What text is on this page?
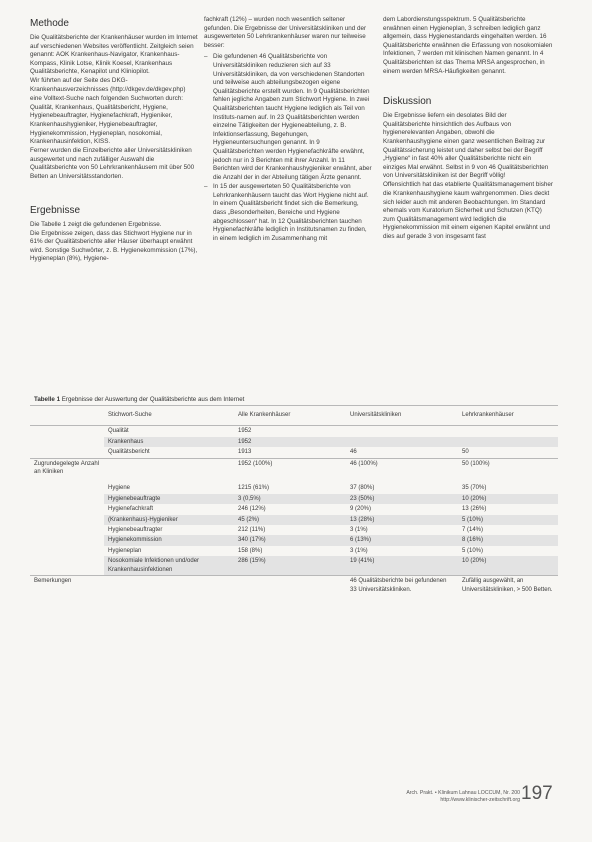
Methode

Die Qualitätsberichte der Krankenhäuser wurden im Internet auf verschiedenen Websites veröffentlicht. Zeitgleich seien genannt: AOK Krankenhaus-Navigator, Krankenhaus-Kompass, Klinik Lotse, Klinik Koesel, Krankenhaus Qualitätsberichte, Kenapilot und Kliniopilot.

Wir führten auf der Seite des DKG-Krankenhausverzeichnisses (http://dkgev.de/dkgev.php) eine Volltext-Suche nach folgenden Suchworten durch:

Qualität, Krankenhaus, Qualitätsbericht, Hygiene, Hygienebeauftragter, Hygienefachkraft, Hygieniker, Krankenhaushygieniker, Hygienebeauftragter, Hygienekommission, Hygieneplan, nosokomial, Krankenhausinfektion, KISS.

Ferner wurden die Einzelberichte aller Universitätskliniken ausgewertet und nach zufälliger Auswahl die Qualitätsberichte von 50 Lehrkrankenhäusern mit über 500 Betten an Universitätsstandorten.

Ergebnisse

Die Tabelle 1 zeigt die gefundenen Ergebnisse.

Die Ergebnisse zeigen, dass das Stichwort Hygiene nur in 61% der Qualitätsberichte aller Häuser überhaupt erwähnt wird. Sonstige Suchwörter, z. B. Hygienekommission (17%), Hygieneplan (8%), Hygiene-

fachkraft (12%) – wurden noch wesentlich seltener gefunden. Die Ergebnisse der Universitätskliniken und der ausgewerteten 50 Lehrkrankenhäuser waren nur teilweise besser:

– Die gefundenen 46 Qualitätsberichte von Universitätskliniken reduzieren sich auf 33 Universitätskliniken, da von verschiedenen Standorten und teilweise auch abteilungsbezogen eigene Qualitätsberichte erstellt wurden. In 9 Qualitätsberichten fehlen jegliche Angaben zum Stichwort Hygiene. In zwei Qualitätsberichten taucht Hygiene lediglich als Teil von Instituts-namen auf. In 23 Qualitätsberichten werden einzelne Tätigkeiten der Hygieneabteilung, z. B. Infektionserfassung, Begehungen, Hygieneuntersuchungen genannt. In 9 Qualitätsberichten werden Hygienefachkräfte erwähnt, jedoch nur in 3 Berichten mit ihrer Anzahl. In 11 Berichten wird der Krankenhaushygieniker erwähnt, aber die Anzahl der in der Abteilung tätigen Ärzte genannt.
– In 15 der ausgewerteten 50 Qualitätsberichte von Lehrkrankenhäusern taucht das Wort Hygiene nicht auf. In einem Qualitätsbericht findet sich die Bemerkung, dass „Besonderheiten, Bereiche und Hygiene abgeschlossen“ hat. In 12 Qualitätsberichten tauchen Hygienefachkräfte lediglich in Institutsnamen zu finden, in einem lediglich im Zusammenhang mit

dem Labordienstungsspektrum. 5 Qualitätsberichte erwähnen einen Hygieneplan, 3 schreiben lediglich ganz allgemein, dass Hygienestandards eingehalten werden. 16 Qualitätsberichte erwähnen die Erfassung von nosokomialen Infektionen, 7 werden mit klinischen Namen genannt. In 4 Qualitätsberichten ist das Thema MRSA angesprochen, in einem werden MRSA-Häufigkeiten genannt.

Diskussion

Die Ergebnisse liefern ein desolates Bild der Qualitätsberichte hinsichtlich des Aufbaus von hygienerelevanten Angaben, obwohl die Krankenhaushygiene einen ganz wesentlichen Beitrag zur Qualitätssicherung leistet und daher selbst bei der Begriff „Hygiene“ in fast 40% aller Qualitätsberichte nicht ein einziges Mal erwähnt. Selbst in 9 von 46 Qualitätsberichten von Universitätskliniken ist der Begriff völlig!

Offensichtlich hat das etablierte Qualitätsmanagement bisher die Krankenhaushygiene kaum wahrgenommen. Dies deckt sich leider auch mit anderen Beobachtungen. Im Standard ehemals vom Kuratorium Sicherheit und Schutzen (KTQ) zum Qualitätsmanagement wird lediglich die Hygienekommission mit einem eigenen Kapitel erwähnt und dies auf gerade 3 von insgesamt fast

Tabelle 1 Ergebnisse der Auswertung der Qualitätsberichte aus dem Internet
	Stichwort-Suche	Alle Krankenhäuser	Universitätskliniken	Lehrkrankenhäuser
	Qualität	1952		
	Krankenhaus	1952		
	Qualitätsbericht	1913	46	50
Zugrundegelegte Anzahl an Kliniken		1952 (100%)	46 (100%)	50 (100%)

	Hygiene	1215 (61%)	37 (80%)	35 (70%)
	Hygienebeauftragte	3 (0,5%)	23 (50%)	10 (20%)
	Hygienefachkraft	246 (12%)	9 (20%)	13 (26%)
	(Krankenhaus)-Hygieniker	45 (2%)	13 (28%)	5 (10%)
	Hygienebeauftragter	212 (11%)	3 (1%)	7 (14%)
	Hygienekommission	340 (17%)	6 (13%)	8 (16%)
	Hygieneplan	158 (8%)	3 (1%)	5 (10%)
	Nosokomiale Infektionen und/oder Krankenhausinfektionen	286 (15%)	19 (41%)	10 (20%)
Bemerkungen			46 Qualitätsberichte bei gefundenen 33 Universitätskliniken.	Zufällig ausgewählt, an Universitätskliniken, > 500 Betten.
Arch. Prakt. • Klinikum Lahnau LOCCUM, Nr. 200
http://www.klinischer-zeitschrift.org 197
